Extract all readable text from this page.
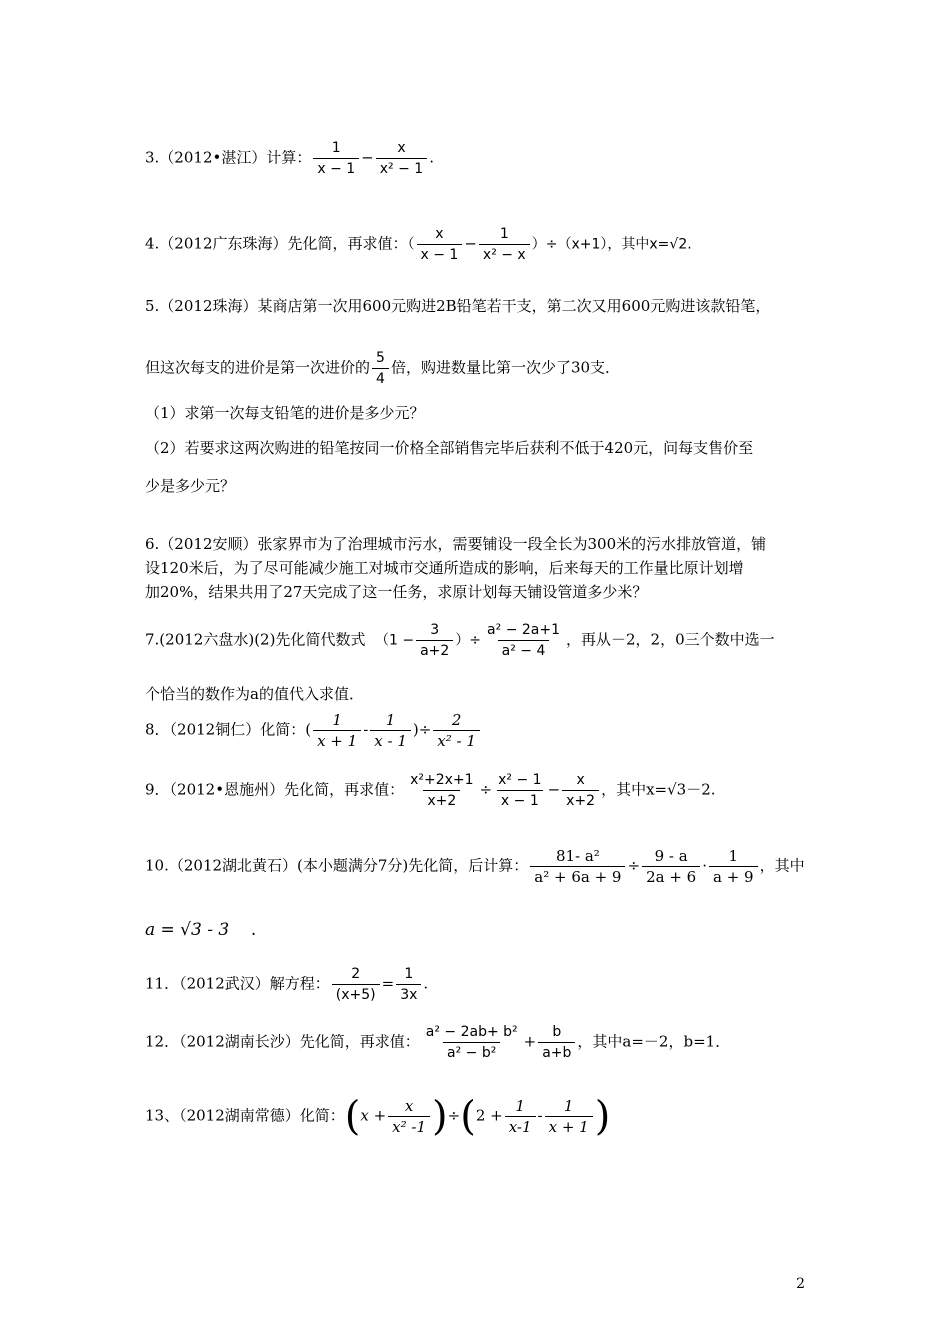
3.（2012•湛江）计算： $\frac{1}{x - 1} - \frac{x}{\text{x² − 1}}$ .
4.（2012广东珠海）先化简，再求值：（ $\frac{x}{x - 1} - \frac{1}{\text{x² − x}} )\div(x+1)$，其中x=√2.
5.（2012珠海）某商店第一次用600元购进2B铅笔若干支，第二次又用600元购进该款铅笔，
但这次每支的进价是第一次进价的 $\frac{5}{4}$ 倍，购进数量比第一次少了30支．
（1）求第一次每支铅笔的进价是多少元？
（2）若要求这两次购进的铅笔按同一价格全部销售完毕后获利不低于420元，问每支售价至
少是多少元？
6.（2012安顺）张家界市为了治理城市污水，需要铺设一段全长为300米的污水排放管道，铺
设120米后，为了尽可能减少施工对城市交通所造成的影响，后来每天的工作量比原计划增
加20%，结果共用了27天完成了这一任务，求原计划每天铺设管道多少米？
7.(2012六盘水)(2)先化简代数式 （$1 - \frac{3}{a+2}$ ）÷ $\frac{\text{a² − 2a+1}}{\text{a² − 4}}$ ，再从－2，2，0三个数中选一
个恰当的数作为a的值代入求值．
8．（2012铜仁）化简：( $\frac{1}{x + 1} - \frac{1}{x - 1}$ )÷ $\frac{2}{\text{x² - 1}}$
9．（2012•恩施州）先化简，再求值： $\frac{\text{x²+2x+1}}{x+2} \div \frac{\text{x² − 1}}{x - 1} - \frac{x}{x+2}$ ，其中x=√3－2.
10.（2012湖北黄石）(本小题满分7分)先化简，后计算： $\frac{\text{81- a²}}{\text{a² + 6a + 9}} \div \frac{9 - a}{2a + 6} \cdot \frac{1}{a + 9}$ ，其中
a = √3 - 3 .
11．（2012武汉）解方程： $\frac{2}{(x+5)} = \frac{1}{3x}$ .
12．（2012湖南长沙）先化简，再求值： $\frac{\text{a² − 2ab+ b²}}{\text{a² − b²}} + \frac{b}{a+b}$ ，其中a=－2，b=1．
13、（2012湖南常德）化简：$(x + \frac{x}{\text{x² -1}} )\div(2 + \frac{1}{x-1} - \frac{1}{x + 1}$ )
2
